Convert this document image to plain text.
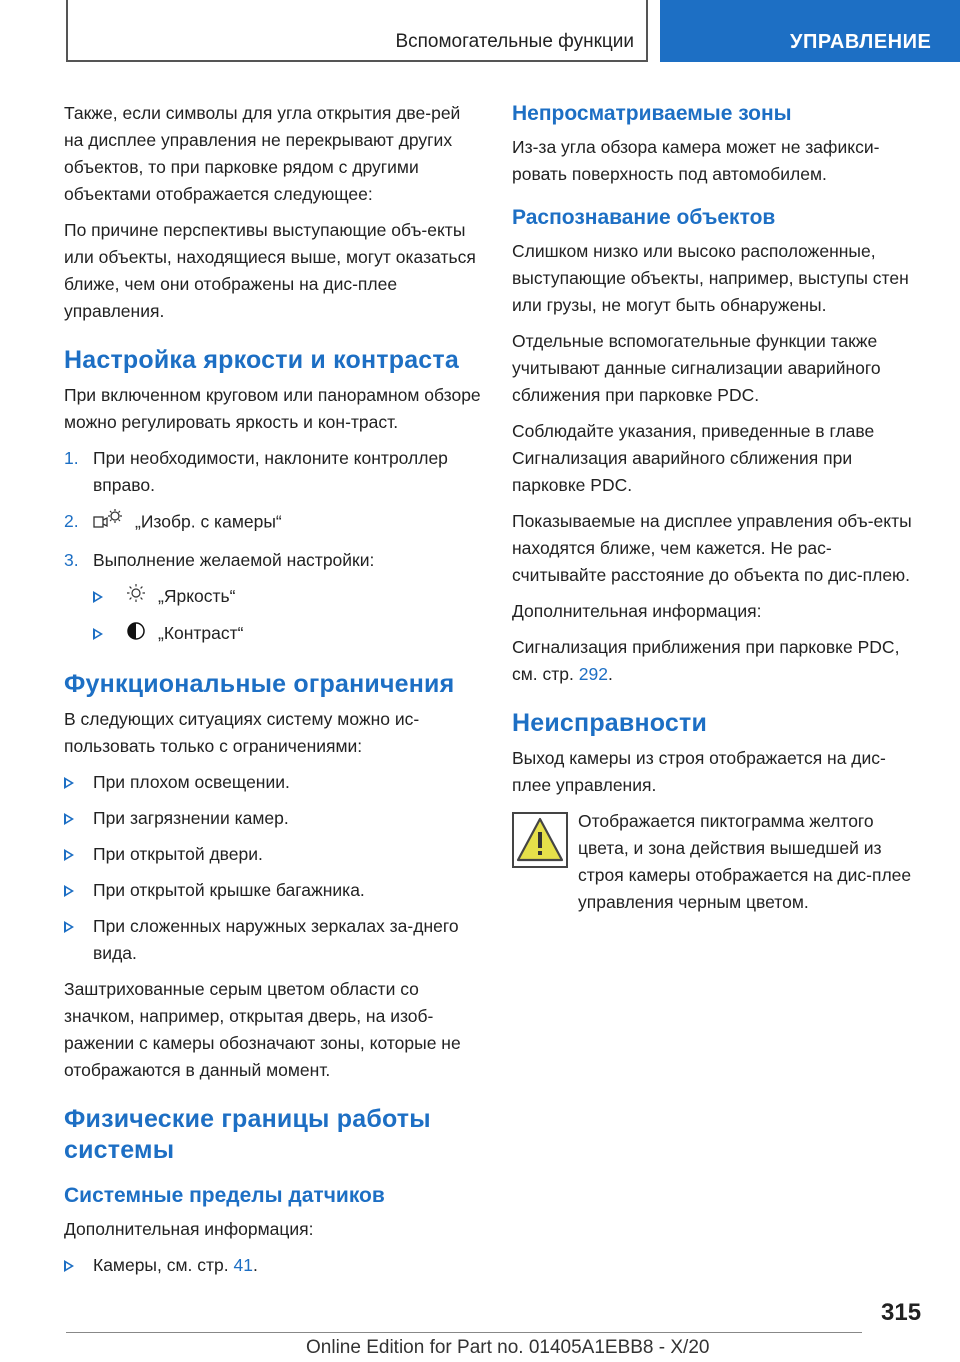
Вспомогательные функции	УПРАВЛЕНИЕ

Также, если символы для угла открытия две-рей на дисплее управления не перекрывают других объектов, то при парковке рядом с другими объектами отображается следующее:

По причине перспективы выступающие объ-екты или объекты, находящиеся выше, могут оказаться ближе, чем они отображены на дис-плее управления.

Настройка яркости и контраста

При включенном круговом или панорамном обзоре можно регулировать яркость и кон-траст.

1. При необходимости, наклоните контроллер вправо.
2.	„Изобр. с камеры“
3. Выполнение желаемой настройки:
„Яркость“
„Контраст“
Функциональные ограничения

В следующих ситуациях систему можно ис-пользовать только с ограничениями:

При плохом освещении.
При загрязнении камер.
При открытой двери.
При открытой крышке багажника.
При сложенных наружных зеркалах за-днего вида.

Заштрихованные серым цветом области со значком, например, открытая дверь, на изоб-ражении с камеры обозначают зоны, которые не отображаются в данный момент.

Физические границы работы системы
Системные пределы датчиков

Дополнительная информация:

Камеры, см. стр. 41.
Непросматриваемые зоны

Из-за угла обзора камера может не зафикси-ровать поверхность под автомобилем.

Распознавание объектов

Слишком низко или высоко расположенные, выступающие объекты, например, выступы стен или грузы, не могут быть обнаружены.

Отдельные вспомогательные функции также учитывают данные сигнализации аварийного сближения при парковке PDC.

Соблюдайте указания, приведенные в главе Сигнализация аварийного сближения при парковке PDC.

Показываемые на дисплее управления объ-екты находятся ближе, чем кажется. Не рас-считывайте расстояние до объекта по дис-плею.

Дополнительная информация:

Сигнализация приближения при парковке PDC, см. стр. 292.

Неисправности

Выход камеры из строя отображается на дис-плее управления.

Отображается пиктограмма желтого цвета, и зона действия вышедшей из строя камеры отображается на дис-плее управления черным цветом.
315
Online Edition for Part no. 01405A1EBB8 - X/20
